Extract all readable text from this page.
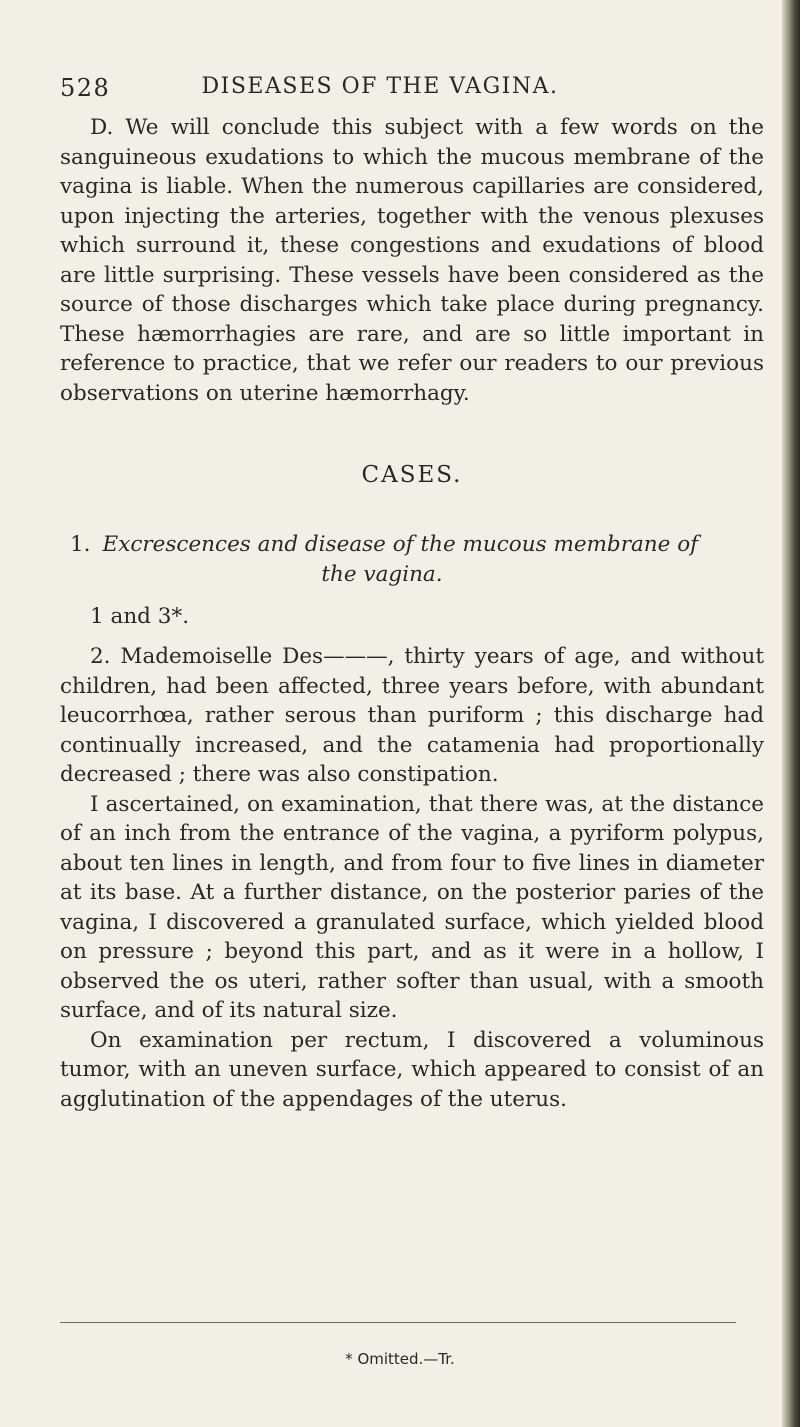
528	DISEASES OF THE VAGINA.

D. We will conclude this subject with a few words on the sanguineous exudations to which the mucous membrane of the vagina is liable. When the numerous capillaries are considered, upon injecting the arteries, together with the venous plexuses which surround it, these congestions and exudations of blood are little surprising. These vessels have been considered as the source of those discharges which take place during pregnancy. These hæmorrhagies are rare, and are so little important in reference to practice, that we refer our readers to our previous observations on uterine hæmorrhagy.

CASES.
1. Excrescences and disease of the mucous membrane of
the vagina.
1 and 3*.

2. Mademoiselle Des———, thirty years of age, and without children, had been affected, three years before, with abundant leucorrhœa, rather serous than puriform ; this discharge had continually increased, and the catamenia had proportionally decreased ; there was also constipation.

I ascertained, on examination, that there was, at the distance of an inch from the entrance of the vagina, a pyriform polypus, about ten lines in length, and from four to five lines in diameter at its base. At a further distance, on the posterior paries of the vagina, I discovered a granulated surface, which yielded blood on pressure ; beyond this part, and as it were in a hollow, I observed the os uteri, rather softer than usual, with a smooth surface, and of its natural size.

On examination per rectum, I discovered a voluminous tumor, with an uneven surface, which appeared to consist of an agglutination of the appendages of the uterus.

* Omitted.—Tr.
